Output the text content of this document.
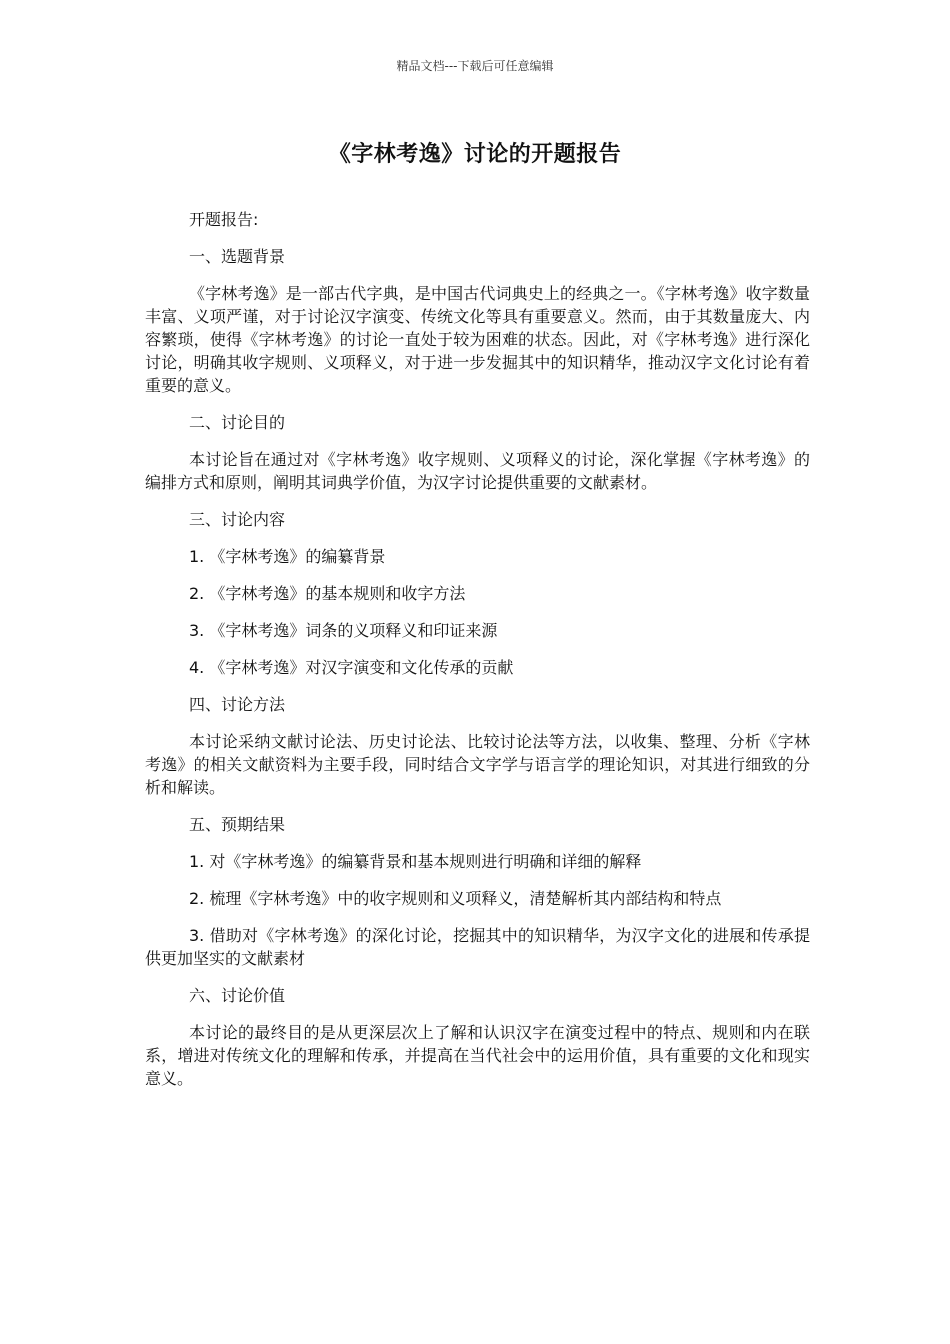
精品文档---下载后可任意编辑
《字林考逸》讨论的开题报告

开题报告:

一、选题背景

《字林考逸》是一部古代字典，是中国古代词典史上的经典之一。《字林考逸》收字数量丰富、义项严谨，对于讨论汉字演变、传统文化等具有重要意义。然而，由于其数量庞大、内容繁琐，使得《字林考逸》的讨论一直处于较为困难的状态。因此，对《字林考逸》进行深化讨论，明确其收字规则、义项释义，对于进一步发掘其中的知识精华，推动汉字文化讨论有着重要的意义。

二、讨论目的

本讨论旨在通过对《字林考逸》收字规则、义项释义的讨论，深化掌握《字林考逸》的编排方式和原则，阐明其词典学价值，为汉字讨论提供重要的文献素材。

三、讨论内容

1. 《字林考逸》的编纂背景

2. 《字林考逸》的基本规则和收字方法

3. 《字林考逸》词条的义项释义和印证来源

4. 《字林考逸》对汉字演变和文化传承的贡献

四、讨论方法

本讨论采纳文献讨论法、历史讨论法、比较讨论法等方法，以收集、整理、分析《字林考逸》的相关文献资料为主要手段，同时结合文字学与语言学的理论知识，对其进行细致的分析和解读。

五、预期结果

1. 对《字林考逸》的编纂背景和基本规则进行明确和详细的解释

2. 梳理《字林考逸》中的收字规则和义项释义，清楚解析其内部结构和特点

3. 借助对《字林考逸》的深化讨论，挖掘其中的知识精华，为汉字文化的进展和传承提供更加坚实的文献素材

六、讨论价值

本讨论的最终目的是从更深层次上了解和认识汉字在演变过程中的特点、规则和内在联系，增进对传统文化的理解和传承，并提高在当代社会中的运用价值，具有重要的文化和现实意义。
